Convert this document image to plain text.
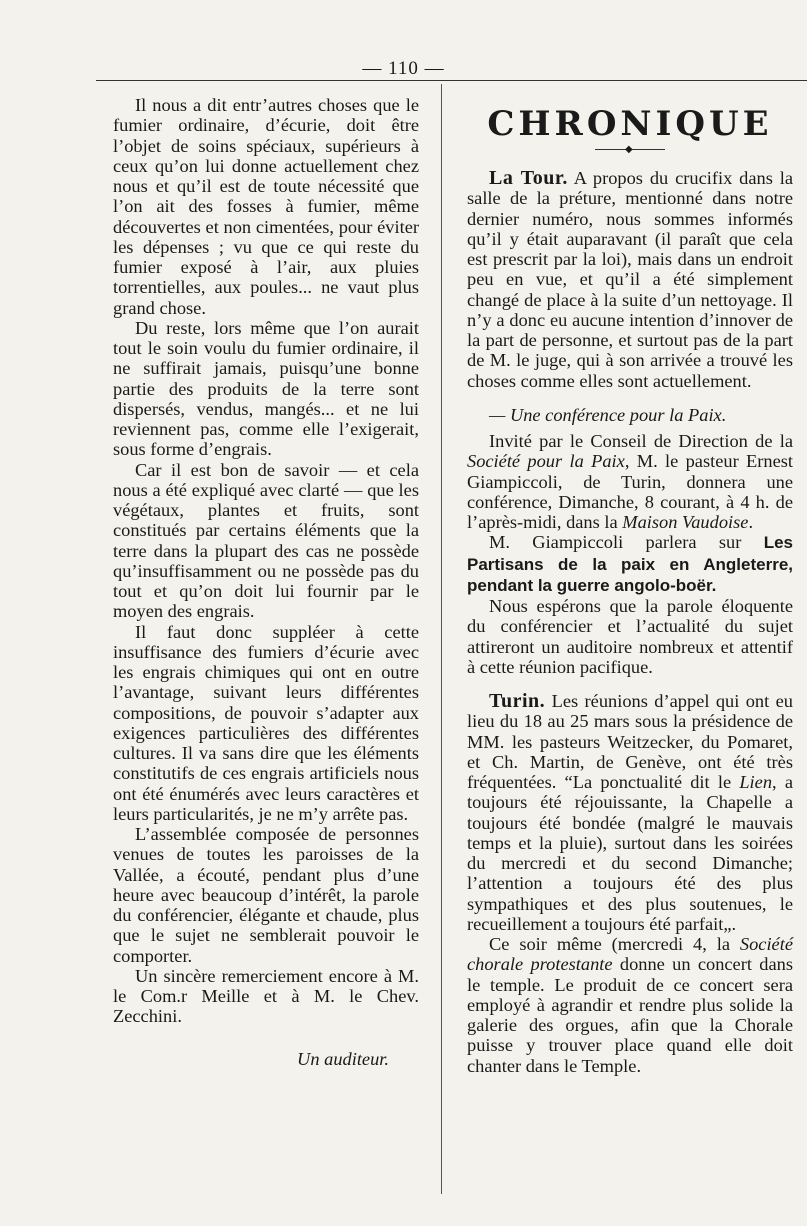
— 110 —

Il nous a dit entr’autres choses que le fumier ordinaire, d’écurie, doit être l’objet de soins spéciaux, supérieurs à ceux qu’on lui donne actuellement chez nous et qu’il est de toute nécessité que l’on ait des fosses à fumier, même découvertes et non cimentées, pour éviter les dépenses ; vu que ce qui reste du fumier exposé à l’air, aux pluies torrentielles, aux poules... ne vaut plus grand chose.

Du reste, lors même que l’on aurait tout le soin voulu du fumier ordinaire, il ne suffirait jamais, puisqu’une bonne partie des produits de la terre sont dispersés, vendus, mangés... et ne lui reviennent pas, comme elle l’exigerait, sous forme d’engrais.

Car il est bon de savoir — et cela nous a été expliqué avec clarté — que les végétaux, plantes et fruits, sont constitués par certains éléments que la terre dans la plupart des cas ne possède qu’insuffisamment ou ne possède pas du tout et qu’on doit lui fournir par le moyen des engrais.

Il faut donc suppléer à cette insuffisance des fumiers d’écurie avec les engrais chimiques qui ont en outre l’avantage, suivant leurs différentes compositions, de pouvoir s’adapter aux exigences particulières des différentes cultures. Il va sans dire que les éléments constitutifs de ces engrais artificiels nous ont été énumérés avec leurs caractères et leurs particularités, je ne m’y arrête pas.

L’assemblée composée de personnes venues de toutes les paroisses de la Vallée, a écouté, pendant plus d’une heure avec beaucoup d’intérêt, la parole du conférencier, élégante et chaude, plus que le sujet ne semblerait pouvoir le comporter.

Un sincère remerciement encore à M. le Com.r Meille et à M. le Chev. Zecchini.

Un auditeur.

CHRONIQUE
◆

La Tour. A propos du crucifix dans la salle de la préture, mentionné dans notre dernier numéro, nous sommes informés qu’il y était auparavant (il paraît que cela est prescrit par la loi), mais dans un endroit peu en vue, et qu’il a été simplement changé de place à la suite d’un nettoyage. Il n’y a donc eu aucune intention d’innover de la part de personne, et surtout pas de la part de M. le juge, qui à son arrivée a trouvé les choses comme elles sont actuellement.

— Une conférence pour la Paix.

Invité par le Conseil de Direction de la Société pour la Paix, M. le pasteur Ernest Giampiccoli, de Turin, donnera une conférence, Dimanche, 8 courant, à 4 h. de l’après-midi, dans la Maison Vaudoise.

M. Giampiccoli parlera sur Les Partisans de la paix en Angleterre, pendant la guerre angolo-boër.

Nous espérons que la parole éloquente du conférencier et l’actualité du sujet attireront un auditoire nombreux et attentif à cette réunion pacifique.

Turin. Les réunions d’appel qui ont eu lieu du 18 au 25 mars sous la présidence de MM. les pasteurs Weitzecker, du Pomaret, et Ch. Martin, de Genève, ont été très fréquentées. “La ponctualité dit le Lien, a toujours été réjouissante, la Chapelle a toujours été bondée (malgré le mauvais temps et la pluie), surtout dans les soirées du mercredi et du second Dimanche; l’attention a toujours été des plus sympathiques et des plus soutenues, le recueillement a toujours été parfait„.

Ce soir même (mercredi 4, la Société chorale protestante donne un concert dans le temple. Le produit de ce concert sera employé à agrandir et rendre plus solide la galerie des orgues, afin que la Chorale puisse y trouver place quand elle doit chanter dans le Temple.
